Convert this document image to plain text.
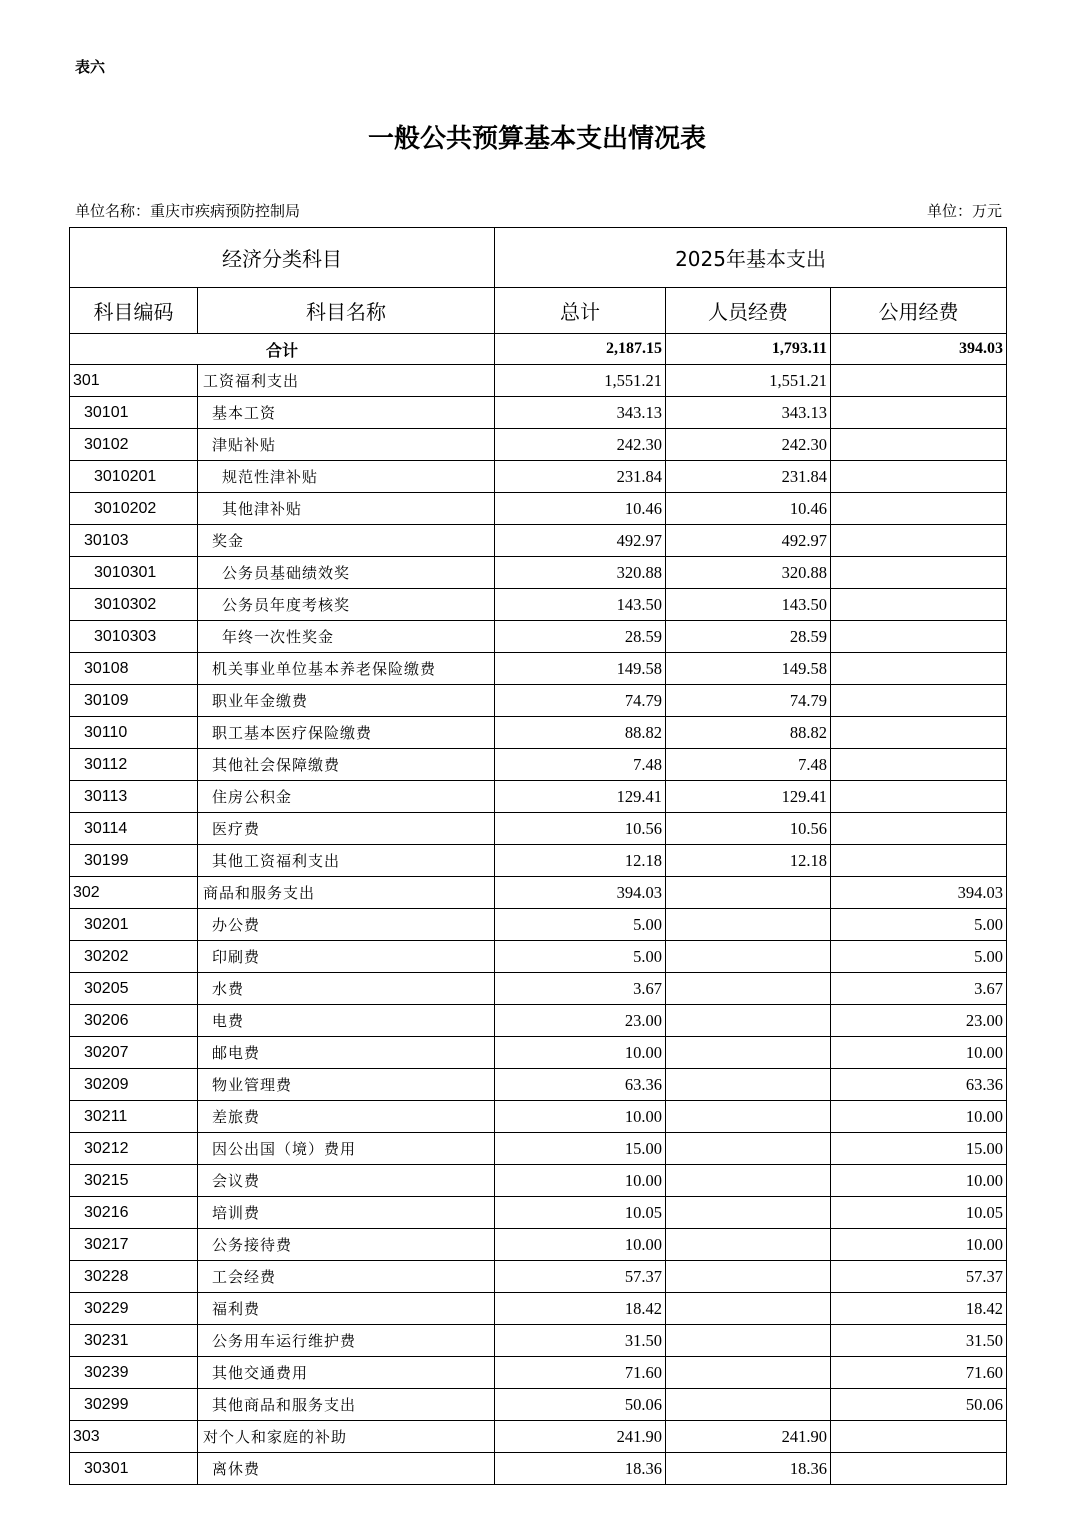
表六
一般公共预算基本支出情况表
单位名称：重庆市疾病预防控制局	单位：万元
经济分类科目		2025年基本支出		
科目编码	科目名称	总计	人员经费	公用经费
合计		2,187.15	1,793.11	394.03
301	工资福利支出	1,551.21	1,551.21	
30101	基本工资	343.13	343.13	
30102	津贴补贴	242.30	242.30	
3010201	规范性津补贴	231.84	231.84	
3010202	其他津补贴	10.46	10.46	
30103	奖金	492.97	492.97	
3010301	公务员基础绩效奖	320.88	320.88	
3010302	公务员年度考核奖	143.50	143.50	
3010303	年终一次性奖金	28.59	28.59	
30108	机关事业单位基本养老保险缴费	149.58	149.58	
30109	职业年金缴费	74.79	74.79	
30110	职工基本医疗保险缴费	88.82	88.82	
30112	其他社会保障缴费	7.48	7.48	
30113	住房公积金	129.41	129.41	
30114	医疗费	10.56	10.56	
30199	其他工资福利支出	12.18	12.18	
302	商品和服务支出	394.03		394.03
30201	办公费	5.00		5.00
30202	印刷费	5.00		5.00
30205	水费	3.67		3.67
30206	电费	23.00		23.00
30207	邮电费	10.00		10.00
30209	物业管理费	63.36		63.36
30211	差旅费	10.00		10.00
30212	因公出国（境）费用	15.00		15.00
30215	会议费	10.00		10.00
30216	培训费	10.05		10.05
30217	公务接待费	10.00		10.00
30228	工会经费	57.37		57.37
30229	福利费	18.42		18.42
30231	公务用车运行维护费	31.50		31.50
30239	其他交通费用	71.60		71.60
30299	其他商品和服务支出	50.06		50.06
303	对个人和家庭的补助	241.90	241.90	
30301	离休费	18.36	18.36	
